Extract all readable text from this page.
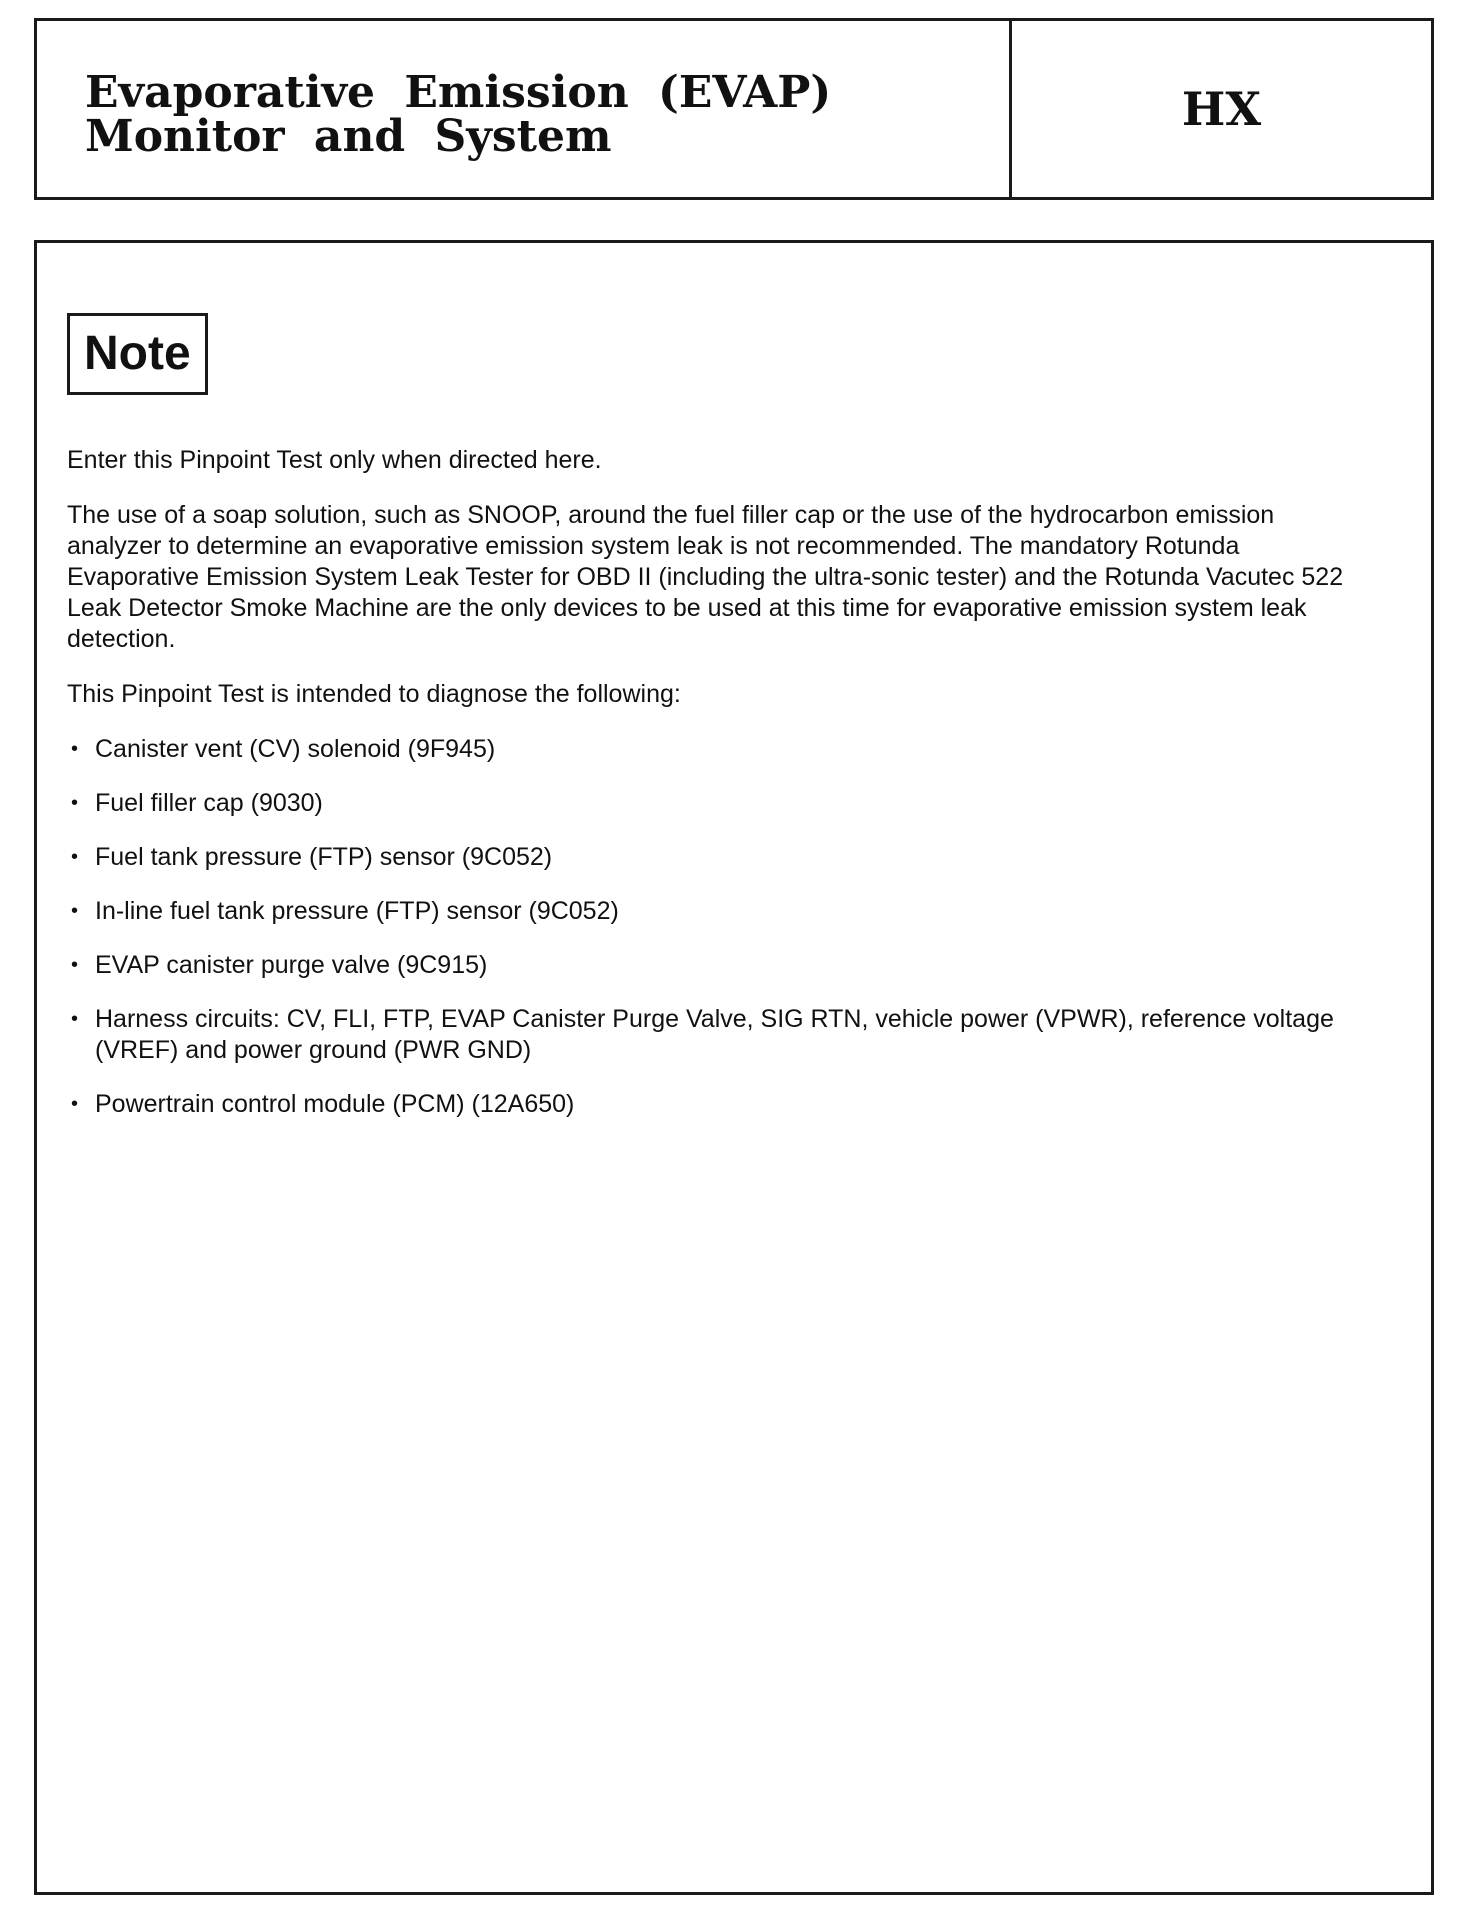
Evaporative Emission (EVAP) Monitor and System
HX
Note

Enter this Pinpoint Test only when directed here.

The use of a soap solution, such as SNOOP, around the fuel filler cap or the use of the hydrocarbon emission analyzer to determine an evaporative emission system leak is not recommended. The mandatory Rotunda Evaporative Emission System Leak Tester for OBD II (including the ultra-sonic tester) and the Rotunda Vacutec 522 Leak Detector Smoke Machine are the only devices to be used at this time for evaporative emission system leak detection.

This Pinpoint Test is intended to diagnose the following:

• Canister vent (CV) solenoid (9F945)
• Fuel filler cap (9030)
• Fuel tank pressure (FTP) sensor (9C052)
• In-line fuel tank pressure (FTP) sensor (9C052)
• EVAP canister purge valve (9C915)
• Harness circuits: CV, FLI, FTP, EVAP Canister Purge Valve, SIG RTN, vehicle power (VPWR), reference voltage (VREF) and power ground (PWR GND)
• Powertrain control module (PCM) (12A650)
